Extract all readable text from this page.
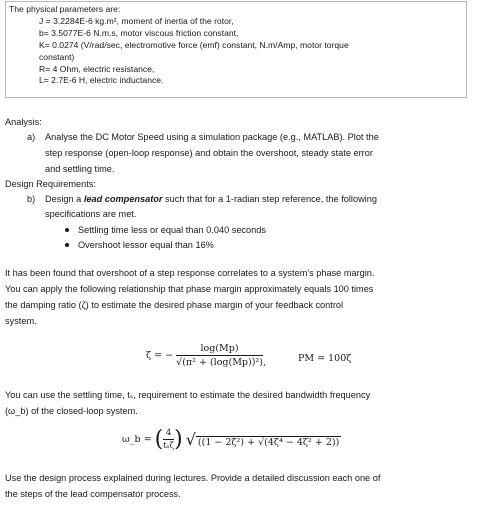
The physical parameters are:
J = 3.2284E-6 kg.m², moment of inertia of the rotor,
b= 3.5077E-6 N.m.s, motor viscous friction constant,
K= 0.0274 (V/rad/sec, electromotive force (emf) constant, N.m/Amp, motor torque
constant)
R= 4 Ohm, electric resistance,
L= 2.7E-6 H, electric inductance.
Analysis:
a) Analyse the DC Motor Speed using a simulation package (e.g., MATLAB). Plot the
step response (open-loop response) and obtain the overshoot, steady state error
and settling time.
Design Requirements:
b) Design a lead compensator such that for a 1-radian step reference, the following
specifications are met.
Settling time less or equal than 0.040 seconds
Overshoot lessor equal than 16%
It has been found that overshoot of a step response correlates to a system's phase margin.
You can apply the following relationship that phase margin approximately equals 100 times
the damping ratio (ζ) to estimate the desired phase margin of your feedback control
system.
ζ = − $\frac{\log(Mp)}{\text{√(π² + (log(Mp))²)}}$ ,	PM = 100ζ
You can use the settling time, tₛ, requirement to estimate the desired bandwidth frequency
(ω_b) of the closed-loop system.
ω_b = ( $\frac{4}{\text{tₛζ}}$ ) √ ((1 − 2ζ²) + √(4ζ⁴ − 4ζ² + 2))
Use the design process explained during lectures. Provide a detailed discussion each one of
the steps of the lead compensator process.
